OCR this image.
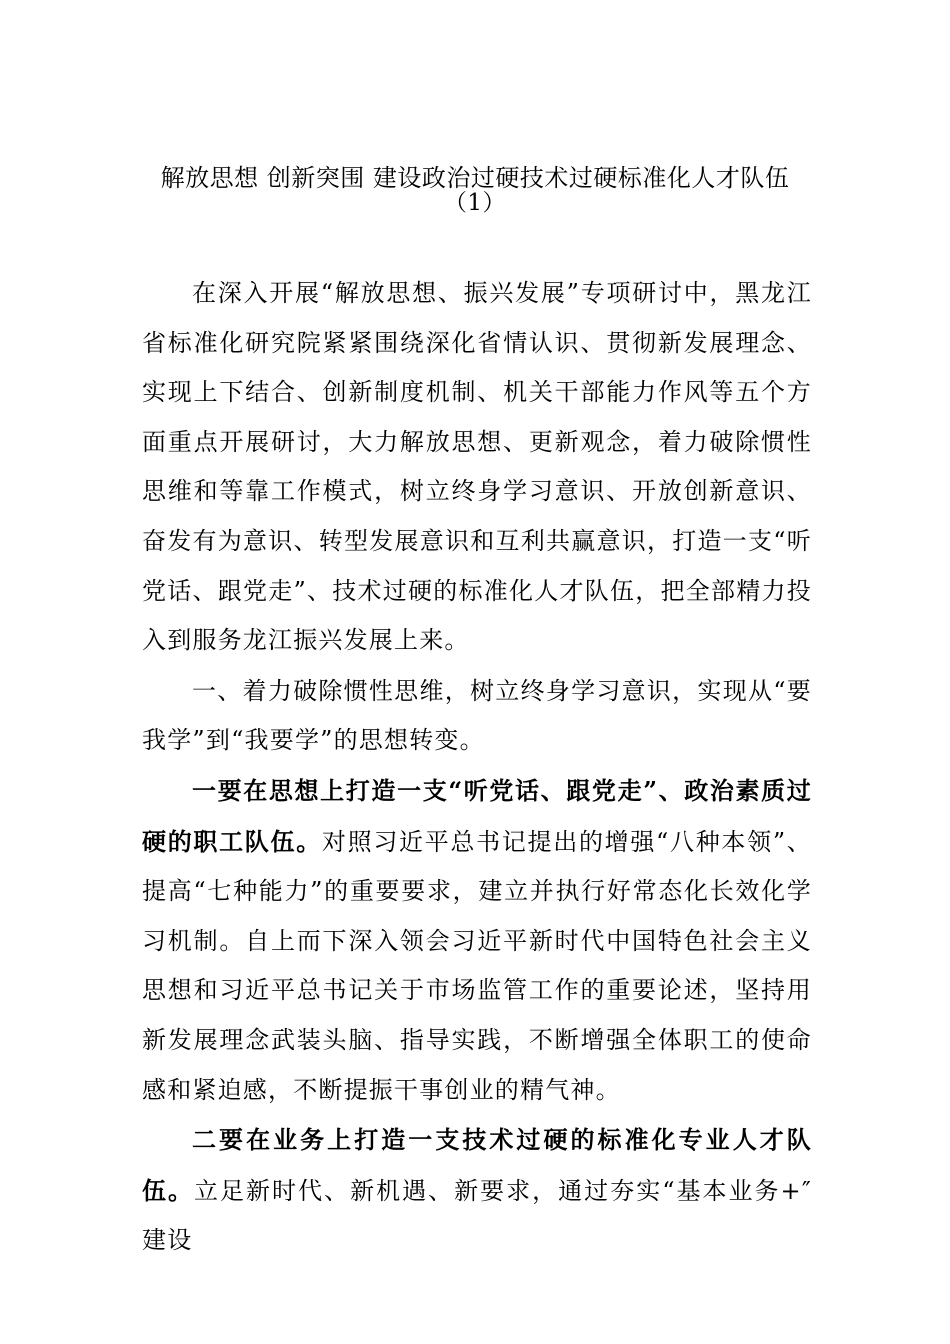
解放思想 创新突围 建设政治过硬技术过硬标准化人才队伍
（1）

在深入开展“解放思想、振兴发展”专项研讨中，黑龙江省标准化研究院紧紧围绕深化省情认识、贯彻新发展理念、实现上下结合、创新制度机制、机关干部能力作风等五个方面重点开展研讨，大力解放思想、更新观念，着力破除惯性思维和等靠工作模式，树立终身学习意识、开放创新意识、奋发有为意识、转型发展意识和互利共赢意识，打造一支“听党话、跟党走”、技术过硬的标准化人才队伍，把全部精力投入到服务龙江振兴发展上来。

一、着力破除惯性思维，树立终身学习意识，实现从“要我学”到“我要学”的思想转变。

一要在思想上打造一支“听党话、跟党走”、政治素质过硬的职工队伍。对照习近平总书记提出的增强“八种本领”、提高“七种能力”的重要要求，建立并执行好常态化长效化学习机制。自上而下深入领会习近平新时代中国特色社会主义思想和习近平总书记关于市场监管工作的重要论述，坚持用新发展理念武装头脑、指导实践，不断增强全体职工的使命感和紧迫感，不断提振干事创业的精气神。

二要在业务上打造一支技术过硬的标准化专业人才队伍。立足新时代、新机遇、新要求，通过夯实“基本业务+″建设
